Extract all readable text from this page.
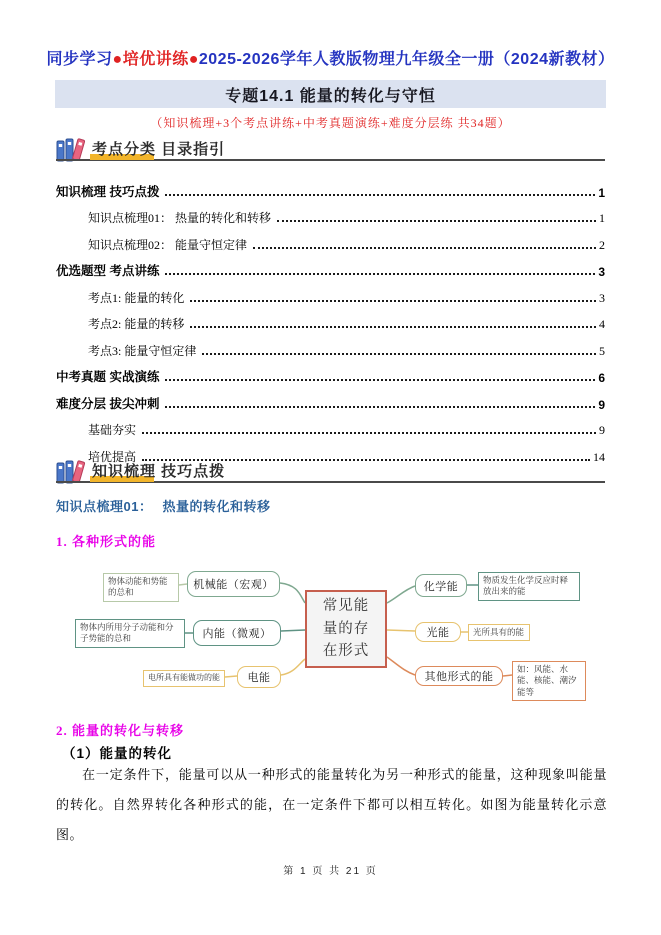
同步学习●培优讲练●2025-2026学年人教版物理九年级全一册（2024新教材）
专题14.1 能量的转化与守恒
（知识梳理+3个考点讲练+中考真题演练+难度分层练 共34题）
考点分类 目录指引
知识梳理 技巧点拨	1
知识点梳理01： 热量的转化和转移	1
知识点梳理02： 能量守恒定律	2
优选题型 考点讲练	3
考点1: 能量的转化	3
考点2: 能量的转移	4
考点3: 能量守恒定律	5
中考真题 实战演练	6
难度分层 拔尖冲刺	9
基础夯实	9
培优提高	14
知识梳理 技巧点拨
知识点梳理01： 热量的转化和转移
1. 各种形式的能
物体动能和势能的总和
机械能（宏观）
物体内所用分子动能和分子势能的总和	内能（微观）
电所具有能做功的能	电能
常见能量的存在形式
化学能
物质发生化学反应时释放出来的能
光能	光所具有的能
其他形式的能
如：风能、水能、核能、潮汐能等
2. 能量的转化与转移
（1）能量的转化
在一定条件下，能量可以从一种形式的能量转化为另一种形式的能量，这种现象叫能量的转化。自然界转化各种形式的能，在一定条件下都可以相互转化。如图为能量转化示意图。
第 1 页 共 21 页
